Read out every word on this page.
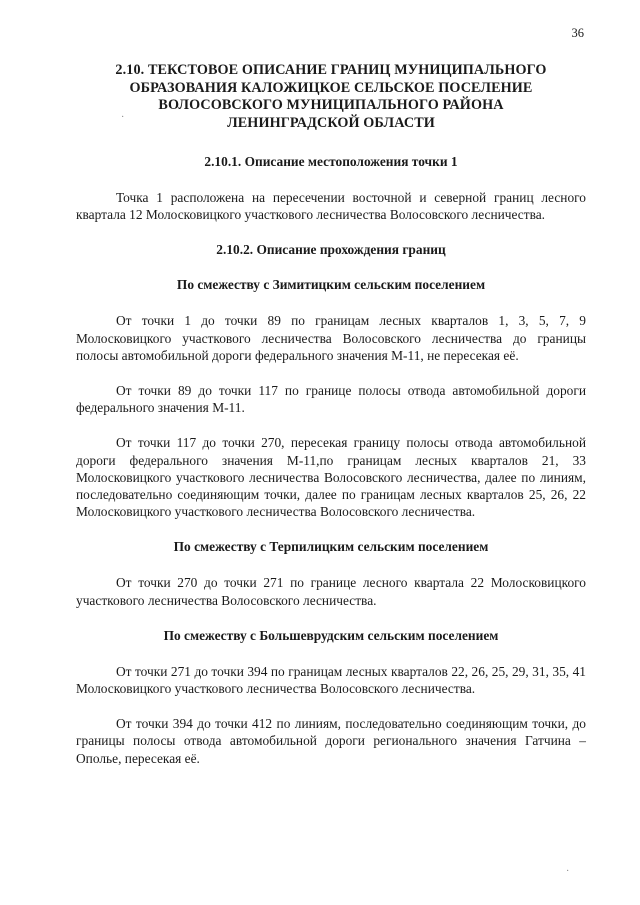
36
2.10. ТЕКСТОВОЕ ОПИСАНИЕ ГРАНИЦ МУНИЦИПАЛЬНОГО
ОБРАЗОВАНИЯ КАЛОЖИЦКОЕ СЕЛЬСКОЕ ПОСЕЛЕНИЕ
ВОЛОСОВСКОГО МУНИЦИПАЛЬНОГО РАЙОНА
ЛЕНИНГРАДСКОЙ ОБЛАСТИ

2.10.1. Описание местоположения точки 1

Точка 1 расположена на пересечении восточной и северной границ лесного квартала 12 Молосковицкого участкового лесничества Волосовского лесничества.

2.10.2. Описание прохождения границ

По смежеству с Зимитицким сельским поселением

От точки 1 до точки 89 по границам лесных кварталов 1, 3, 5, 7, 9 Молосковицкого участкового лесничества Волосовского лесничества до границы полосы автомобильной дороги федерального значения М-11, не пересекая её.

От точки 89 до точки 117 по границе полосы отвода автомобильной дороги федерального значения М-11.

От точки 117 до точки 270, пересекая границу полосы отвода автомобильной дороги федерального значения М-11,по границам лесных кварталов 21, 33 Молосковицкого участкового лесничества Волосовского лесничества, далее по линиям, последовательно соединяющим точки, далее по границам лесных кварталов 25, 26, 22 Молосковицкого участкового лесничества Волосовского лесничества.

По смежеству с Терпилицким сельским поселением

От точки 270 до точки 271 по границе лесного квартала 22 Молосковицкого участкового лесничества Волосовского лесничества.

По смежеству с Большеврудским сельским поселением

От точки 271 до точки 394 по границам лесных кварталов 22, 26, 25, 29, 31, 35, 41 Молосковицкого участкового лесничества Волосовского лесничества.

От точки 394 до точки 412 по линиям, последовательно соединяющим точки, до границы полосы отвода автомобильной дороги регионального значения Гатчина – Ополье, пересекая её.

·
·
